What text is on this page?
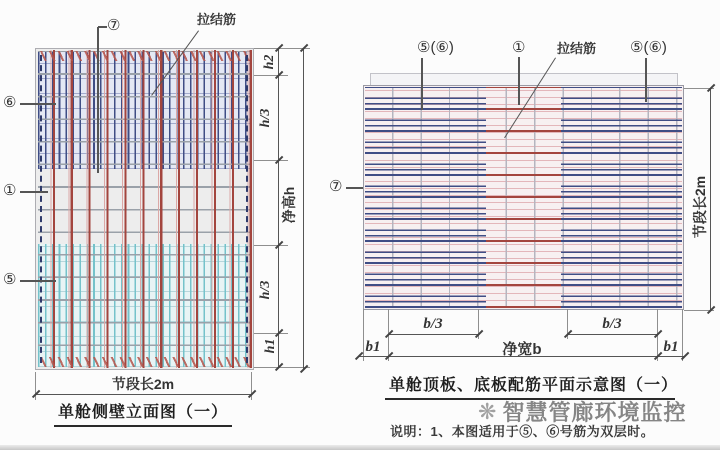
⑦	拉结筋
⑥
①
⑤
h2
h/3
h/3
h1
净高h
节段长2m
单舱侧壁立面图（一）
⑤(⑥)	① 拉结筋 ⑤(⑥)
⑦	节段长2m
b/3	b/3
b1	净宽b	b1
单舱顶板、底板配筋平面示意图（一）
说明：1、本图适用于⑤、⑥号筋为双层时。
❋ 智慧管廊环境监控
